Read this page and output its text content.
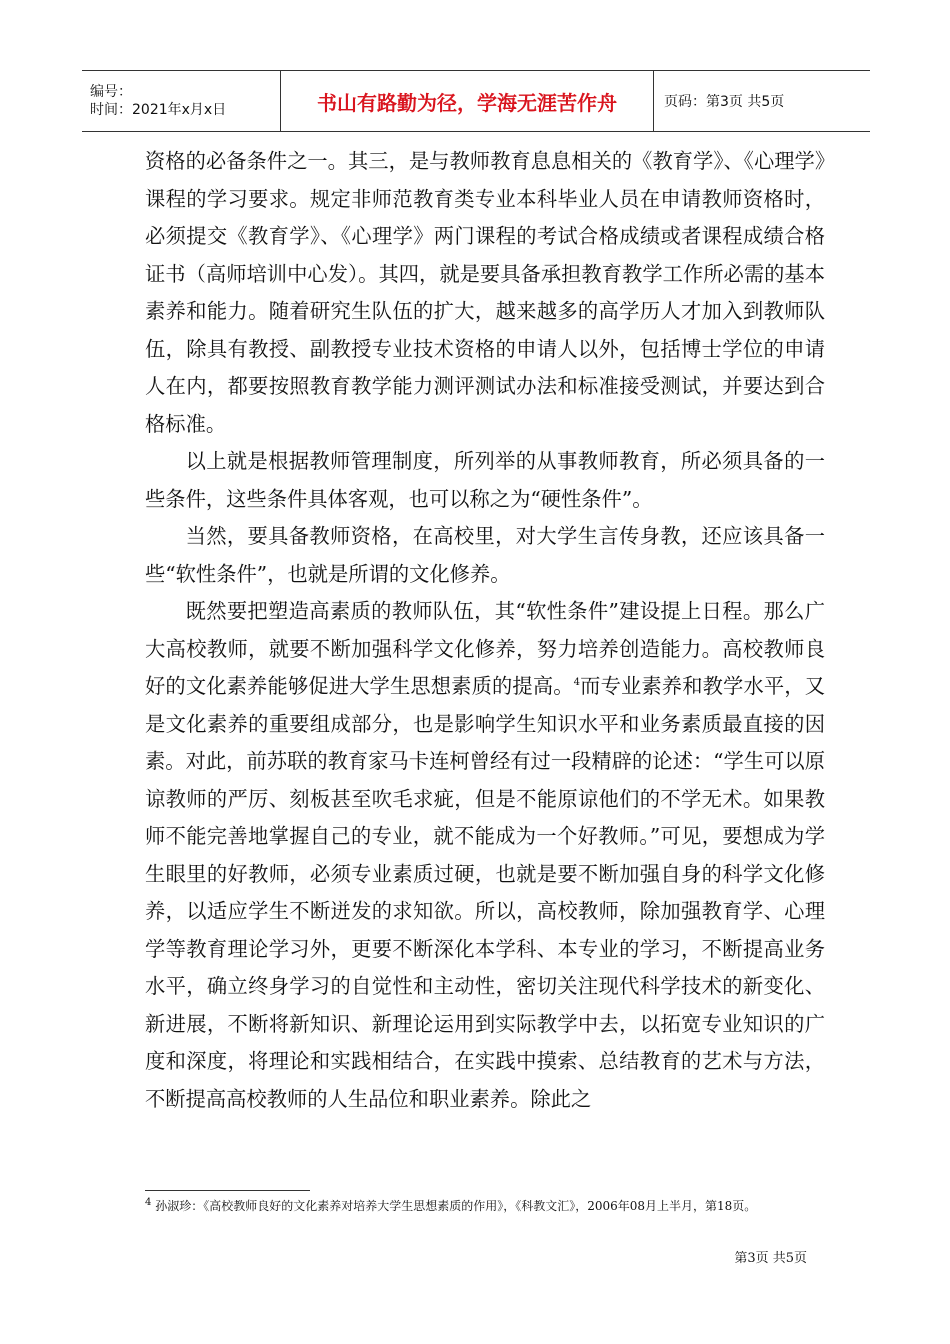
编号：
时间：2021年x月x日	书山有路勤为径，学海无涯苦作舟	页码：第3页 共5页

资格的必备条件之一。其三，是与教师教育息息相关的《教育学》、《心理学》课程的学习要求。规定非师范教育类专业本科毕业人员在申请教师资格时，必须提交《教育学》、《心理学》两门课程的考试合格成绩或者课程成绩合格证书（高师培训中心发）。其四，就是要具备承担教育教学工作所必需的基本素养和能力。随着研究生队伍的扩大，越来越多的高学历人才加入到教师队伍，除具有教授、副教授专业技术资格的申请人以外，包括博士学位的申请人在内，都要按照教育教学能力测评测试办法和标准接受测试，并要达到合格标准。

以上就是根据教师管理制度，所列举的从事教师教育，所必须具备的一些条件，这些条件具体客观，也可以称之为“硬性条件”。

当然，要具备教师资格，在高校里，对大学生言传身教，还应该具备一些“软性条件”，也就是所谓的文化修养。

既然要把塑造高素质的教师队伍，其“软性条件”建设提上日程。那么广大高校教师，就要不断加强科学文化修养，努力培养创造能力。高校教师良好的文化素养能够促进大学生思想素质的提高。$^4$而专业素养和教学水平，又是文化素养的重要组成部分，也是影响学生知识水平和业务素质最直接的因素。对此，前苏联的教育家马卡连柯曾经有过一段精辟的论述：“学生可以原谅教师的严厉、刻板甚至吹毛求疵，但是不能原谅他们的不学无术。如果教师不能完善地掌握自己的专业，就不能成为一个好教师。”可见，要想成为学生眼里的好教师，必须专业素质过硬，也就是要不断加强自身的科学文化修养，以适应学生不断迸发的求知欲。所以，高校教师，除加强教育学、心理学等教育理论学习外，更要不断深化本学科、本专业的学习，不断提高业务水平，确立终身学习的自觉性和主动性，密切关注现代科学技术的新变化、新进展，不断将新知识、新理论运用到实际教学中去，以拓宽专业知识的广度和深度，将理论和实践相结合，在实践中摸索、总结教育的艺术与方法，不断提高高校教师的人生品位和职业素养。除此之

$^4$ 孙淑珍：《高校教师良好的文化素养对培养大学生思想素质的作用》，《科教文汇》，2006年08月上半月，第18页。
第3页 共5页
